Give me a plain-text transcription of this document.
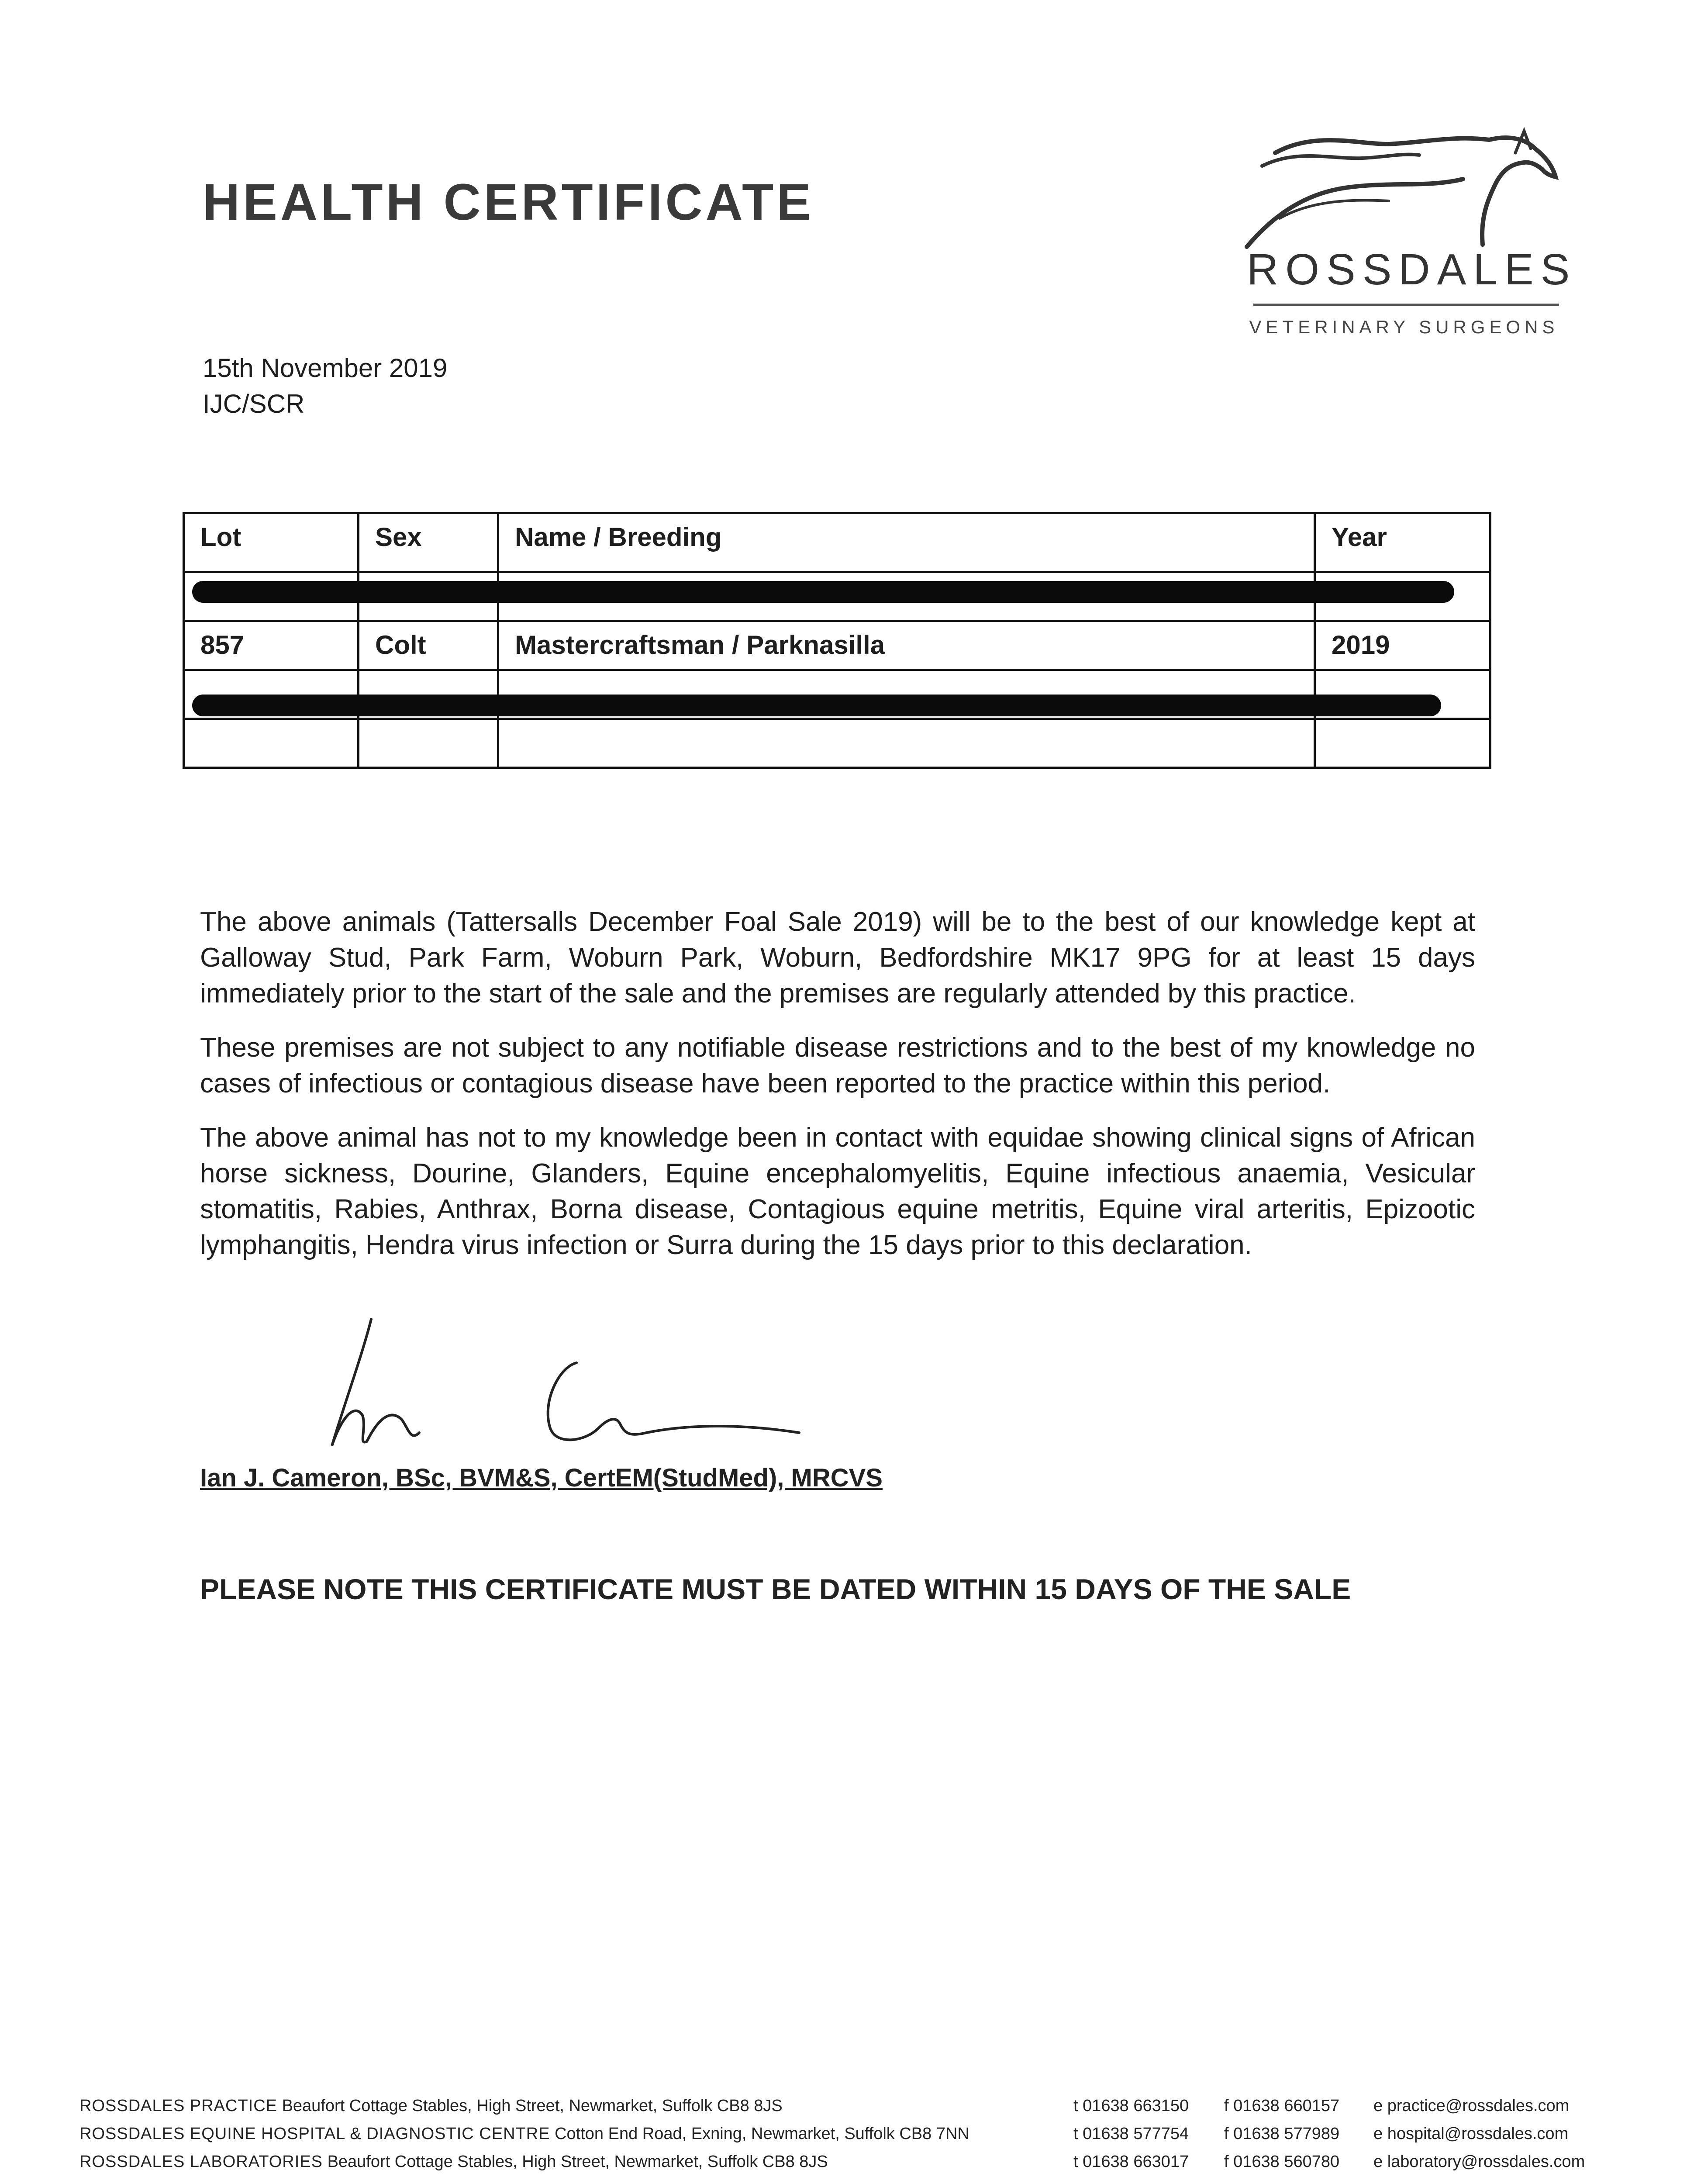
HEALTH CERTIFICATE
ROSSDALES
VETERINARY SURGEONS
15th November 2019
IJC/SCR
Lot	Sex	Name / Breeding	Year

857	Colt	Mastercraftsman / Parknasilla	2019

The above animals (Tattersalls December Foal Sale 2019) will be to the best of our knowledge kept at Galloway Stud, Park Farm, Woburn Park, Woburn, Bedfordshire MK17 9PG for at least 15 days immediately prior to the start of the sale and the premises are regularly attended by this practice.

These premises are not subject to any notifiable disease restrictions and to the best of my knowledge no cases of infectious or contagious disease have been reported to the practice within this period.

The above animal has not to my knowledge been in contact with equidae showing clinical signs of African horse sickness, Dourine, Glanders, Equine encephalomyelitis, Equine infectious anaemia, Vesicular stomatitis, Rabies, Anthrax, Borna disease, Contagious equine metritis, Equine viral arteritis, Epizootic lymphangitis, Hendra virus infection or Surra during the 15 days prior to this declaration.

Ian J. Cameron, BSc, BVM&S, CertEM(StudMed), MRCVS
PLEASE NOTE THIS CERTIFICATE MUST BE DATED WITHIN 15 DAYS OF THE SALE
ROSSDALES PRACTICE Beaufort Cottage Stables, High Street, Newmarket, Suffolk CB8 8JS	t 01638 663150 f 01638 660157 e practice@rossdales.com
ROSSDALES EQUINE HOSPITAL & DIAGNOSTIC CENTRE Cotton End Road, Exning, Newmarket, Suffolk CB8 7NN	t 01638 577754 f 01638 577989 e hospital@rossdales.com
ROSSDALES LABORATORIES Beaufort Cottage Stables, High Street, Newmarket, Suffolk CB8 8JS	t 01638 663017 f 01638 560780 e laboratory@rossdales.com
